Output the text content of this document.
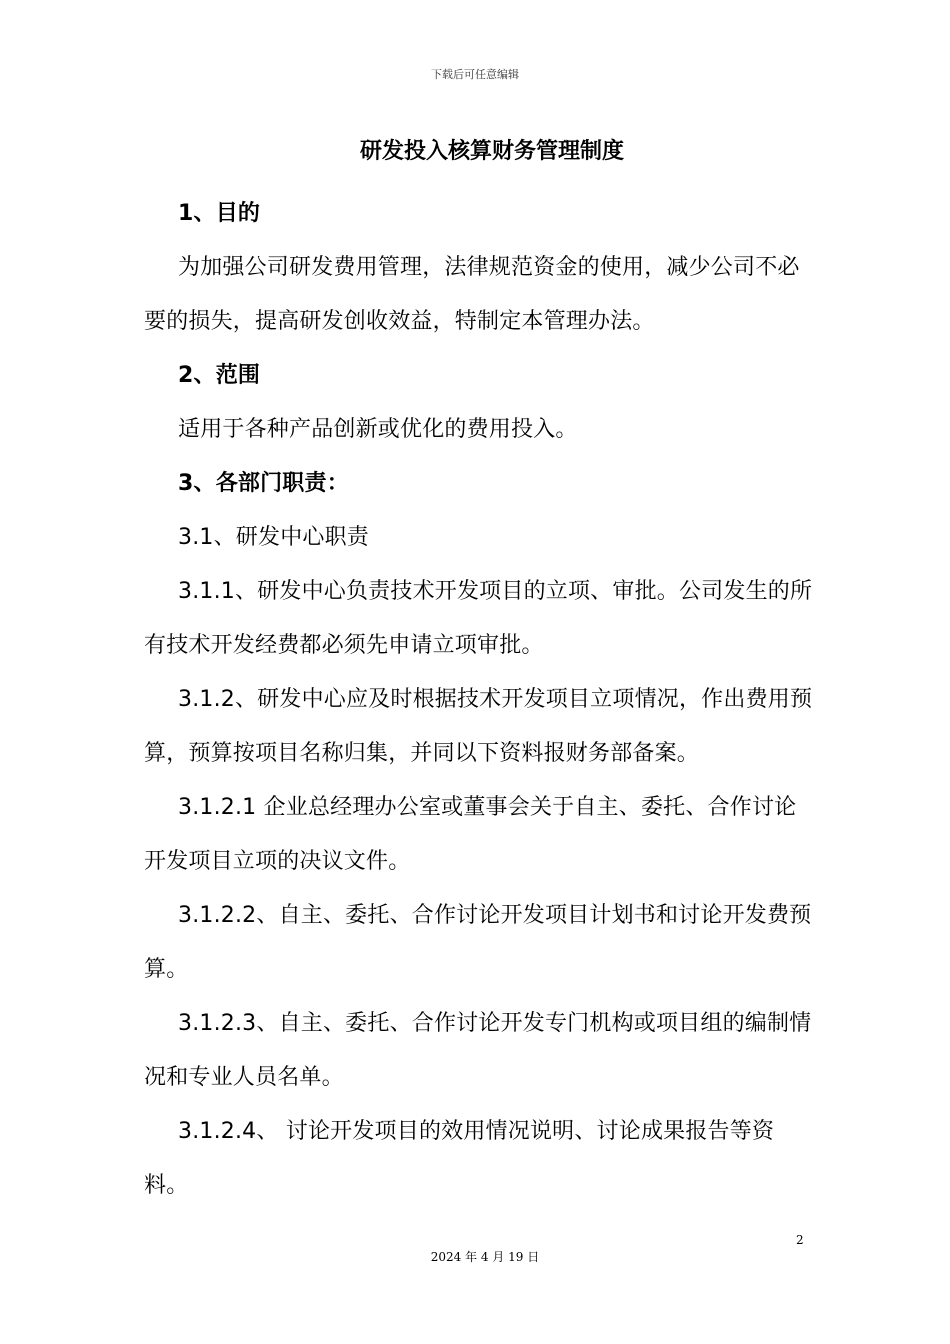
下载后可任意编辑
研发投入核算财务管理制度

1、目的

为加强公司研发费用管理，法律规范资金的使用，减少公司不必要的损失，提高研发创收效益，特制定本管理办法。

2、范围

适用于各种产品创新或优化的费用投入。

3、各部门职责：

3.1、研发中心职责

3.1.1、研发中心负责技术开发项目的立项、审批。公司发生的所有技术开发经费都必须先申请立项审批。

3.1.2、研发中心应及时根据技术开发项目立项情况，作出费用预算，预算按项目名称归集，并同以下资料报财务部备案。

3.1.2.1 企业总经理办公室或董事会关于自主、委托、合作讨论开发项目立项的决议文件。

3.1.2.2、自主、委托、合作讨论开发项目计划书和讨论开发费预算。

3.1.2.3、自主、委托、合作讨论开发专门机构或项目组的编制情况和专业人员名单。

3.1.2.4、 讨论开发项目的效用情况说明、讨论成果报告等资料。

2
2024 年 4 月 19 日
